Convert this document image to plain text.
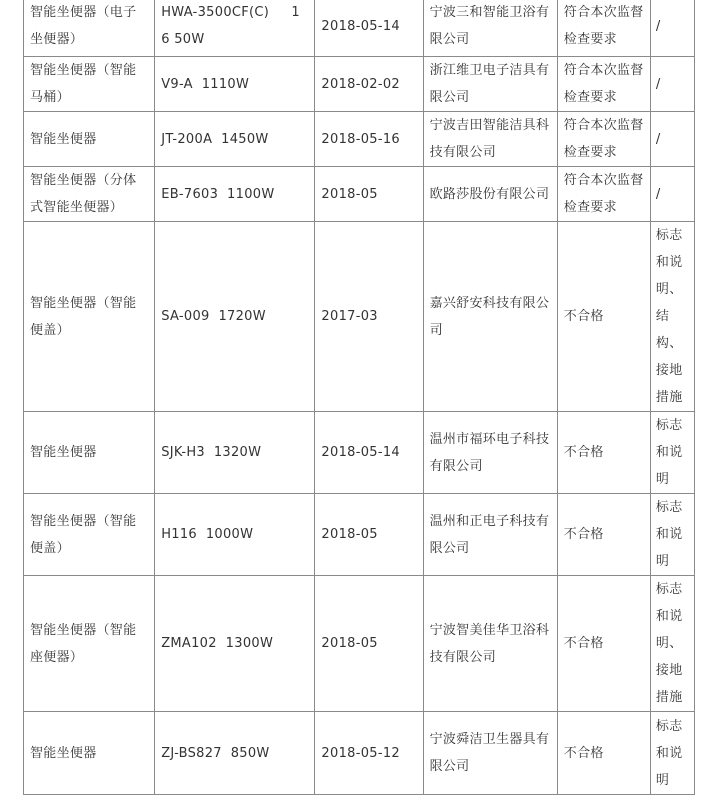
智能坐便器（电子坐便器）	HWA-3500CF(C)     16 50W	2018-05-14	宁波三和智能卫浴有限公司	符合本次监督检查要求	/
智能坐便器（智能马桶）	V9-A  1110W	2018-02-02	浙江维卫电子洁具有限公司	符合本次监督检查要求	/
智能坐便器	JT-200A  1450W	2018-05-16	宁波吉田智能洁具科技有限公司	符合本次监督检查要求	/
智能坐便器（分体式智能坐便器）	EB-7603  1100W	2018-05	欧路莎股份有限公司	符合本次监督检查要求	/
智能坐便器（智能便盖）	SA-009  1720W	2017-03	嘉兴舒安科技有限公司	不合格	标志和说明、结构、接地措施
智能坐便器	SJK-H3  1320W	2018-05-14	温州市福环电子科技有限公司	不合格	标志和说明
智能坐便器（智能便盖）	H116  1000W	2018-05	温州和正电子科技有限公司	不合格	标志和说明
智能坐便器（智能座便器）	ZMA102  1300W	2018-05	宁波智美佳华卫浴科技有限公司	不合格	标志和说明、接地措施
智能坐便器	ZJ-BS827  850W	2018-05-12	宁波舜洁卫生器具有限公司	不合格	标志和说明
